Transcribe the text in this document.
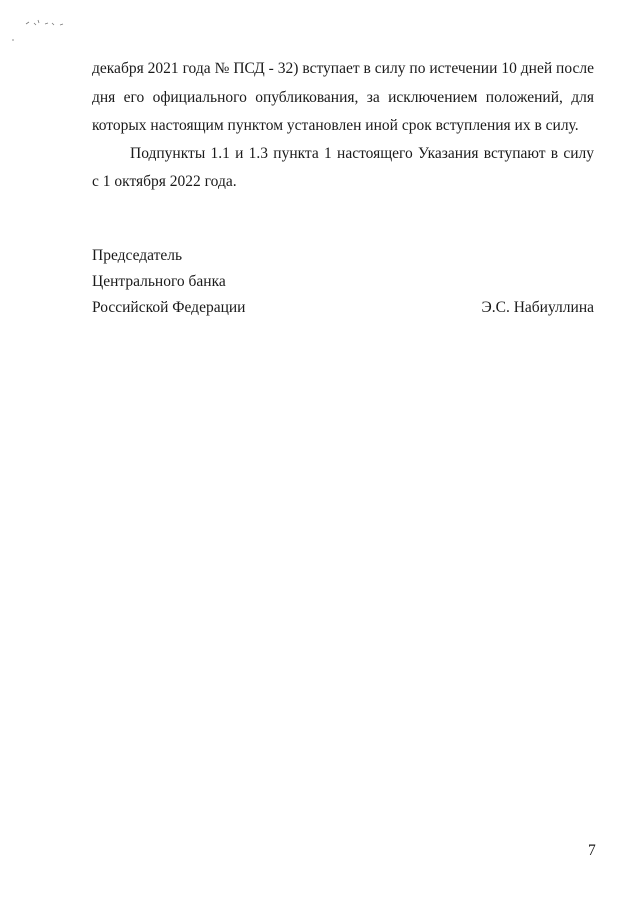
декабря 2021 года № ПСД - 32) вступает в силу по истечении 10 дней после
дня его официального опубликования, за исключением положений, для
которых настоящим пунктом установлен иной срок вступления их в силу.
Подпункты 1.1 и 1.3 пункта 1 настоящего Указания вступают в силу
с 1 октября 2022 года.
Председатель
Центрального банка
Российской Федерации	Э.С. Набиуллина
7
